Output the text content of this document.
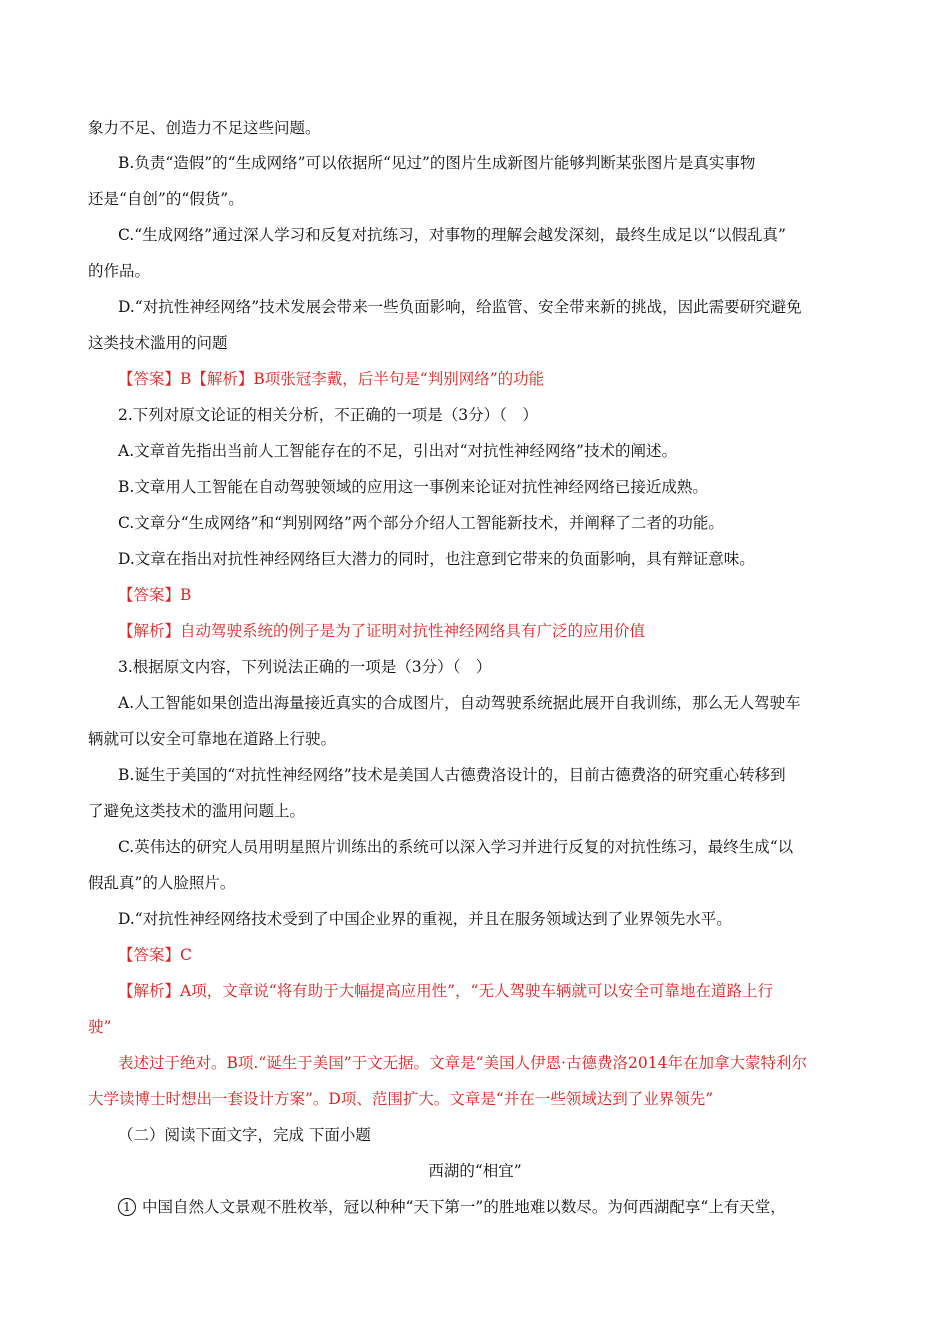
象力不足、创造力不足这些问题。
B.负责“造假”的“生成网络”可以依据所“见过”的图片生成新图片能够判断某张图片是真实事物
还是“自创”的“假货”。
C.“生成网络”通过深人学习和反复对抗练习，对事物的理解会越发深刻，最终生成足以“以假乱真”
的作品。
D.“对抗性神经网络”技术发展会带来一些负面影响，给监管、安全带来新的挑战，因此需要研究避免
这类技术滥用的问题
【答案】B【解析】B项张冠李戴，后半句是“判别网络”的功能
2.下列对原文论证的相关分析，不正确的一项是（3分）（　）
A.文章首先指出当前人工智能存在的不足，引出对“对抗性神经网络”技术的阐述。
B.文章用人工智能在自动驾驶领域的应用这一事例来论证对抗性神经网络已接近成熟。
C.文章分“生成网络”和“判别网络”两个部分介绍人工智能新技术，并阐释了二者的功能。
D.文章在指出对抗性神经网络巨大潜力的同时，也注意到它带来的负面影响，具有辩证意味。
【答案】B
【解析】自动驾驶系统的例子是为了证明对抗性神经网络具有广泛的应用价值
3.根据原文内容，下列说法正确的一项是（3分）（　）
A.人工智能如果创造出海量接近真实的合成图片，自动驾驶系统据此展开自我训练，那么无人驾驶车
辆就可以安全可靠地在道路上行驶。
B.诞生于美国的“对抗性神经网络”技术是美国人古德费洛设计的，目前古德费洛的研究重心转移到
了避免这类技术的滥用问题上。
C.英伟达的研究人员用明星照片训练出的系统可以深入学习并进行反复的对抗性练习，最终生成“以
假乱真”的人脸照片。
D.“对抗性神经网络技术受到了中国企业界的重视，并且在服务领域达到了业界领先水平。
【答案】C
【解析】A项，文章说“将有助于大幅提高应用性”，“无人驾驶车辆就可以安全可靠地在道路上行
驶”
表述过于绝对。B项.“诞生于美国”于文无据。文章是“美国人伊恩·古德费洛2014年在加拿大蒙特利尔
大学读博士时想出一套设计方案”。D项、范围扩大。文章是“并在一些领域达到了业界领先”
（二）阅读下面文字，完成 下面小题
西湖的“相宜”
1 中国自然人文景观不胜枚举，冠以种种“天下第一”的胜地难以数尽。为何西湖配享“上有天堂，
